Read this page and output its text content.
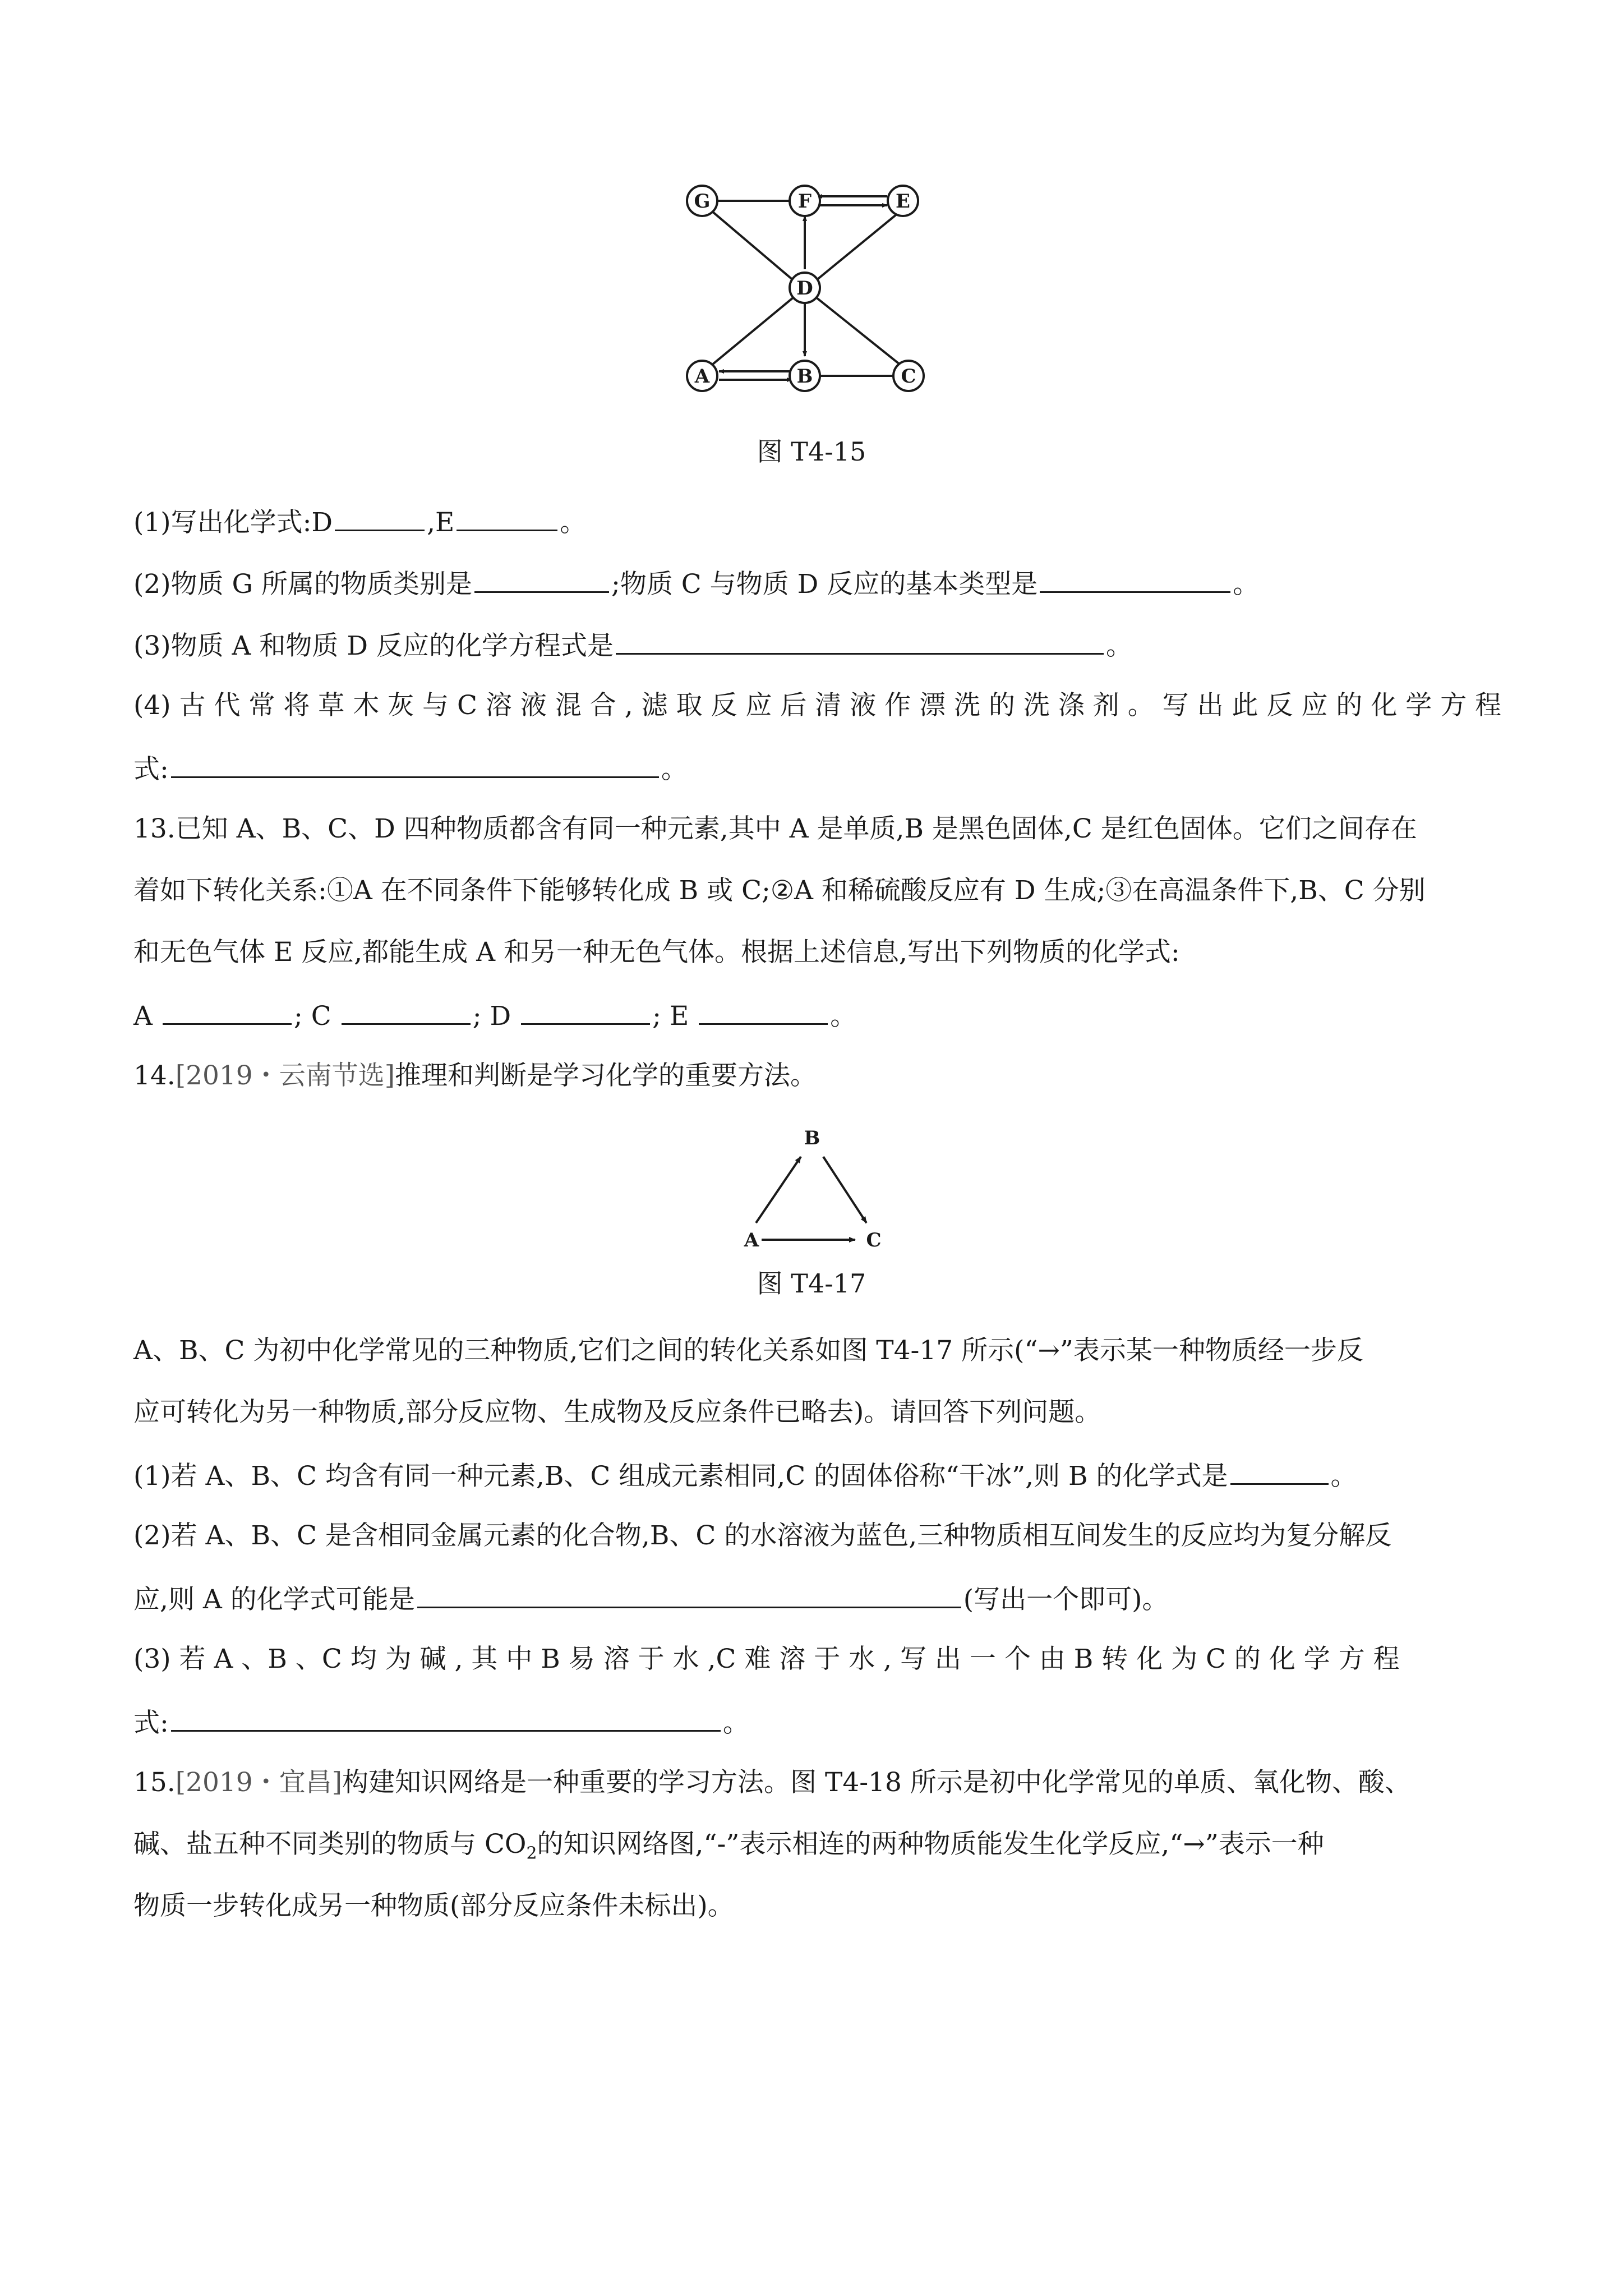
G	F	E
D
A	B	C
图 T4-15
(1)写出化学式:D	,E	。
(2)物质 G 所属的物质类别是	;物质 C 与物质 D 反应的基本类型是	。
(3)物质 A 和物质 D 反应的化学方程式是	。
(4) 古 代 常 将 草 木 灰 与 C 溶 液 混 合 , 滤 取 反 应 后 清 液 作 漂 洗 的 洗 涤 剂 。 写 出 此 反 应 的 化 学 方 程
式:	。
13.已知 A、B、C、D 四种物质都含有同一种元素,其中 A 是单质,B 是黑色固体,C 是红色固体。它们之间存在
着如下转化关系:①A 在不同条件下能够转化成 B 或 C;②A 和稀硫酸反应有 D 生成;③在高温条件下,B、C 分别
和无色气体 E 反应,都能生成 A 和另一种无色气体。根据上述信息,写出下列物质的化学式:
A	; C	; D	; E	。
14.[2019・云南节选]推理和判断是学习化学的重要方法。
B
A	C
图 T4-17
A、B、C 为初中化学常见的三种物质,它们之间的转化关系如图 T4-17 所示(“→”表示某一种物质经一步反
应可转化为另一种物质,部分反应物、生成物及反应条件已略去)。请回答下列问题。
(1)若 A、B、C 均含有同一种元素,B、C 组成元素相同,C 的固体俗称“干冰”,则 B 的化学式是	。
(2)若 A、B、C 是含相同金属元素的化合物,B、C 的水溶液为蓝色,三种物质相互间发生的反应均为复分解反
应,则 A 的化学式可能是	(写出一个即可)。
(3) 若 A 、B 、C 均 为 碱 , 其 中 B 易 溶 于 水 ,C 难 溶 于 水 , 写 出 一 个 由 B 转 化 为 C 的 化 学 方 程
式:	。
15.[2019・宜昌]构建知识网络是一种重要的学习方法。图 T4-18 所示是初中化学常见的单质、氧化物、酸、
碱、盐五种不同类别的物质与 $CO_2$的知识网络图,“-”表示相连的两种物质能发生化学反应,“→”表示一种
物质一步转化成另一种物质(部分反应条件未标出)。
